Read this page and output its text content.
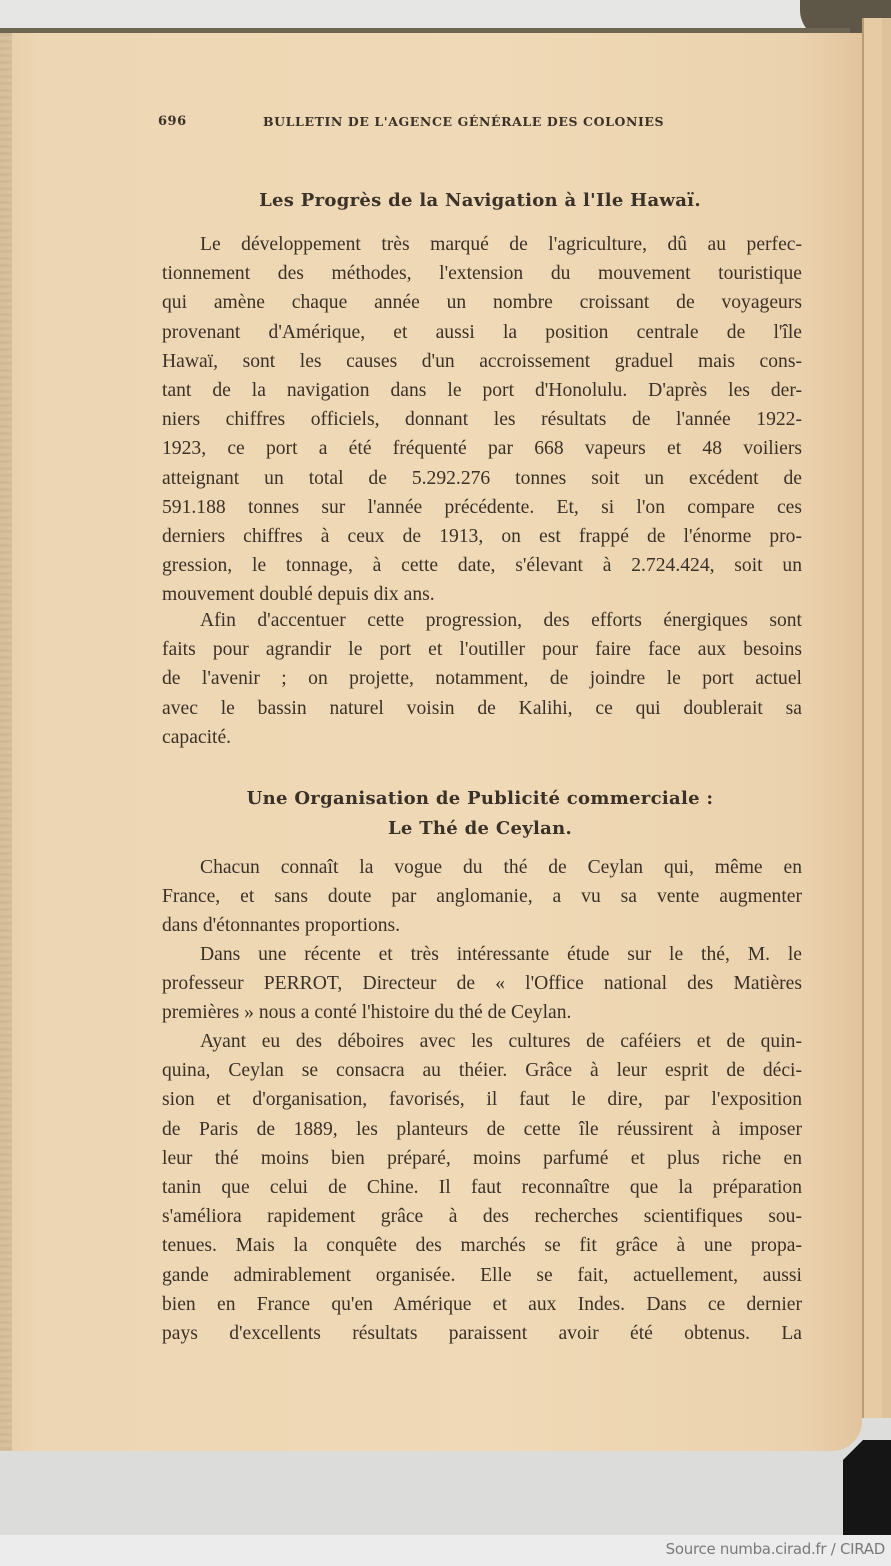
696	BULLETIN DE L'AGENCE GÉNÉRALE DES COLONIES
Les Progrès de la Navigation à l'Ile Hawaï.
Le développement très marqué de l'agriculture, dû au perfec-
tionnement des méthodes, l'extension du mouvement touristique
qui amène chaque année un nombre croissant de voyageurs
provenant d'Amérique, et aussi la position centrale de l'île
Hawaï, sont les causes d'un accroissement graduel mais cons-
tant de la navigation dans le port d'Honolulu. D'après les der-
niers chiffres officiels, donnant les résultats de l'année 1922-
1923, ce port a été fréquenté par 668 vapeurs et 48 voiliers
atteignant un total de 5.292.276 tonnes soit un excédent de
591.188 tonnes sur l'année précédente. Et, si l'on compare ces
derniers chiffres à ceux de 1913, on est frappé de l'énorme pro-
gression, le tonnage, à cette date, s'élevant à 2.724.424, soit un
mouvement doublé depuis dix ans.
Afin d'accentuer cette progression, des efforts énergiques sont
faits pour agrandir le port et l'outiller pour faire face aux besoins
de l'avenir ; on projette, notamment, de joindre le port actuel
avec le bassin naturel voisin de Kalihi, ce qui doublerait sa
capacité.
Une Organisation de Publicité commerciale :
Le Thé de Ceylan.
Chacun connaît la vogue du thé de Ceylan qui, même en
France, et sans doute par anglomanie, a vu sa vente augmenter
dans d'étonnantes proportions.
Dans une récente et très intéressante étude sur le thé, M. le
professeur PERROT, Directeur de « l'Office national des Matières
premières » nous a conté l'histoire du thé de Ceylan.
Ayant eu des déboires avec les cultures de caféiers et de quin-
quina, Ceylan se consacra au théier. Grâce à leur esprit de déci-
sion et d'organisation, favorisés, il faut le dire, par l'exposition
de Paris de 1889, les planteurs de cette île réussirent à imposer
leur thé moins bien préparé, moins parfumé et plus riche en
tanin que celui de Chine. Il faut reconnaître que la préparation
s'améliora rapidement grâce à des recherches scientifiques sou-
tenues. Mais la conquête des marchés se fit grâce à une propa-
gande admirablement organisée. Elle se fait, actuellement, aussi
bien en France qu'en Amérique et aux Indes. Dans ce dernier
pays d'excellents résultats paraissent avoir été obtenus. La
Source numba.cirad.fr / CIRAD
